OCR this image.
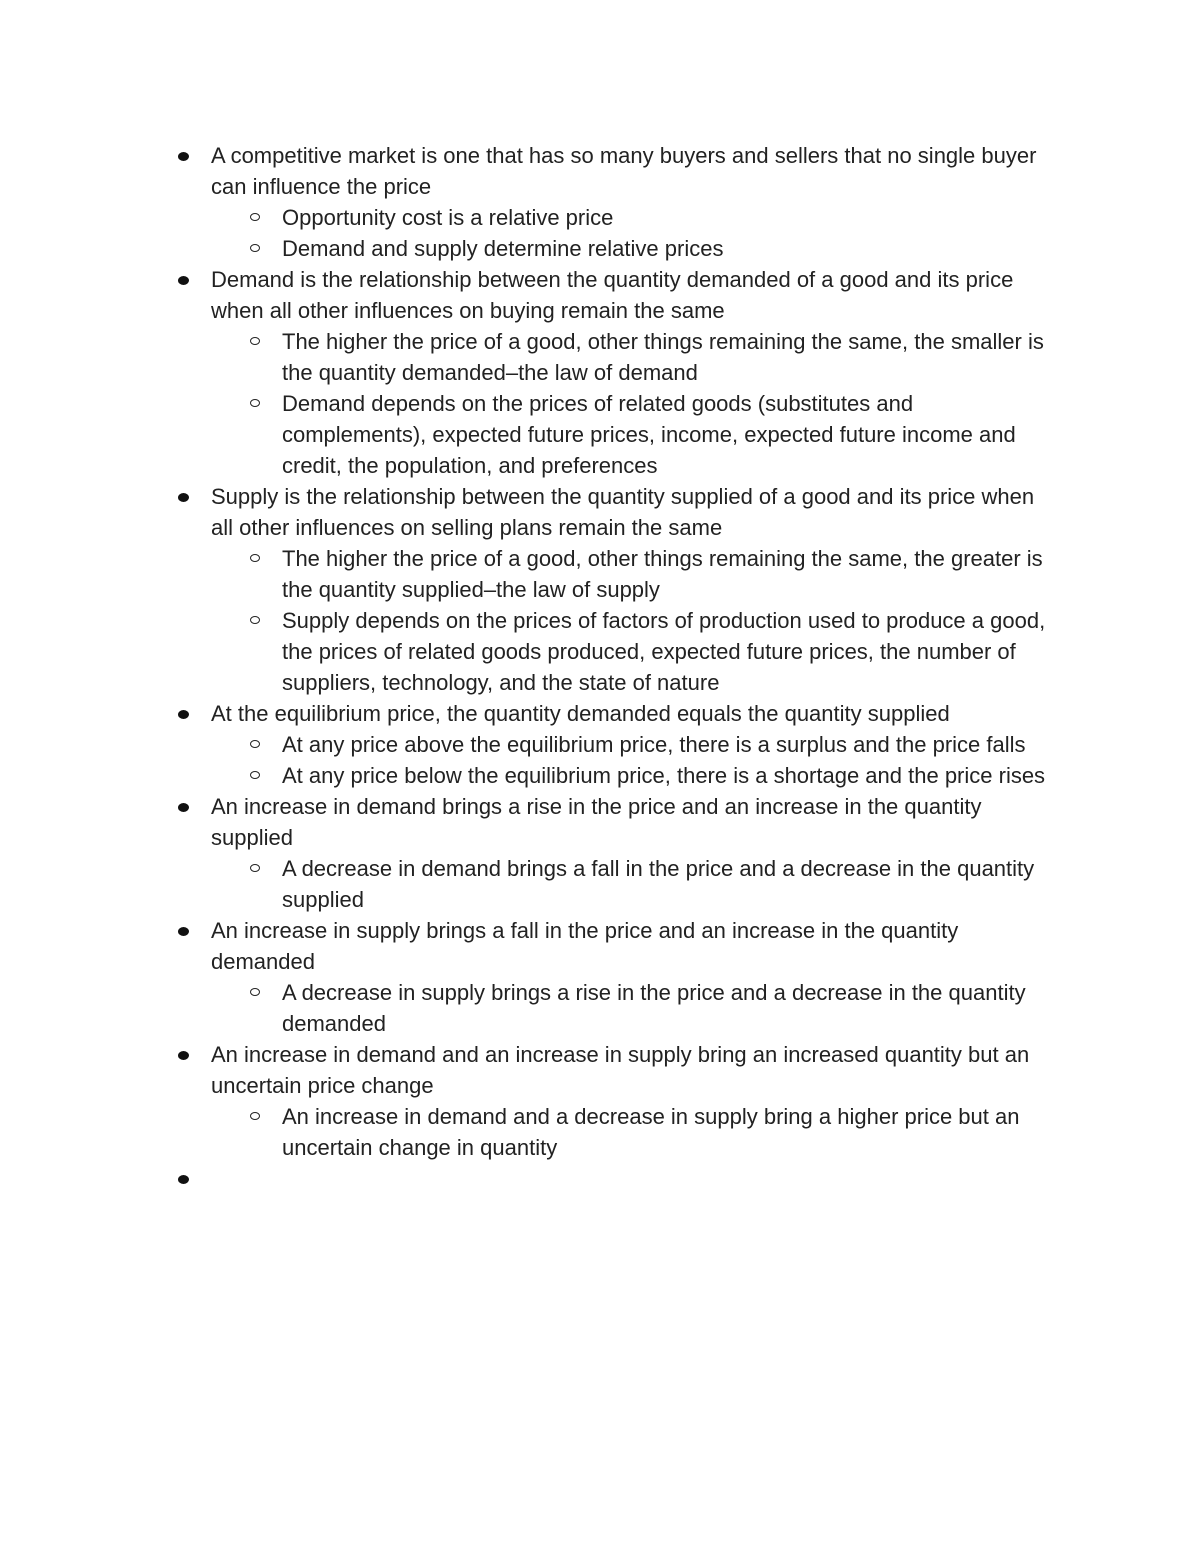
A competitive market is one that has so many buyers and sellers that no single buyer can influence the price
Opportunity cost is a relative price
Demand and supply determine relative prices
Demand is the relationship between the quantity demanded of a good and its price when all other influences on buying remain the same
The higher the price of a good, other things remaining the same, the smaller is the quantity demanded–the law of demand
Demand depends on the prices of related goods (substitutes and complements), expected future prices, income, expected future income and credit, the population, and preferences
Supply is the relationship between the quantity supplied of a good and its price when all other influences on selling plans remain the same
The higher the price of a good, other things remaining the same, the greater is the quantity supplied–the law of supply
Supply depends on the prices of factors of production used to produce a good, the prices of related goods produced, expected future prices, the number of suppliers, technology, and the state of nature
At the equilibrium price, the quantity demanded equals the quantity supplied
At any price above the equilibrium price, there is a surplus and the price falls
At any price below the equilibrium price, there is a shortage and the price rises
An increase in demand brings a rise in the price and an increase in the quantity supplied
A decrease in demand brings a fall in the price and a decrease in the quantity supplied
An increase in supply brings a fall in the price and an increase in the quantity demanded
A decrease in supply brings a rise in the price and a decrease in the quantity demanded
An increase in demand and an increase in supply bring an increased quantity but an uncertain price change
An increase in demand and a decrease in supply bring a higher price but an uncertain change in quantity
